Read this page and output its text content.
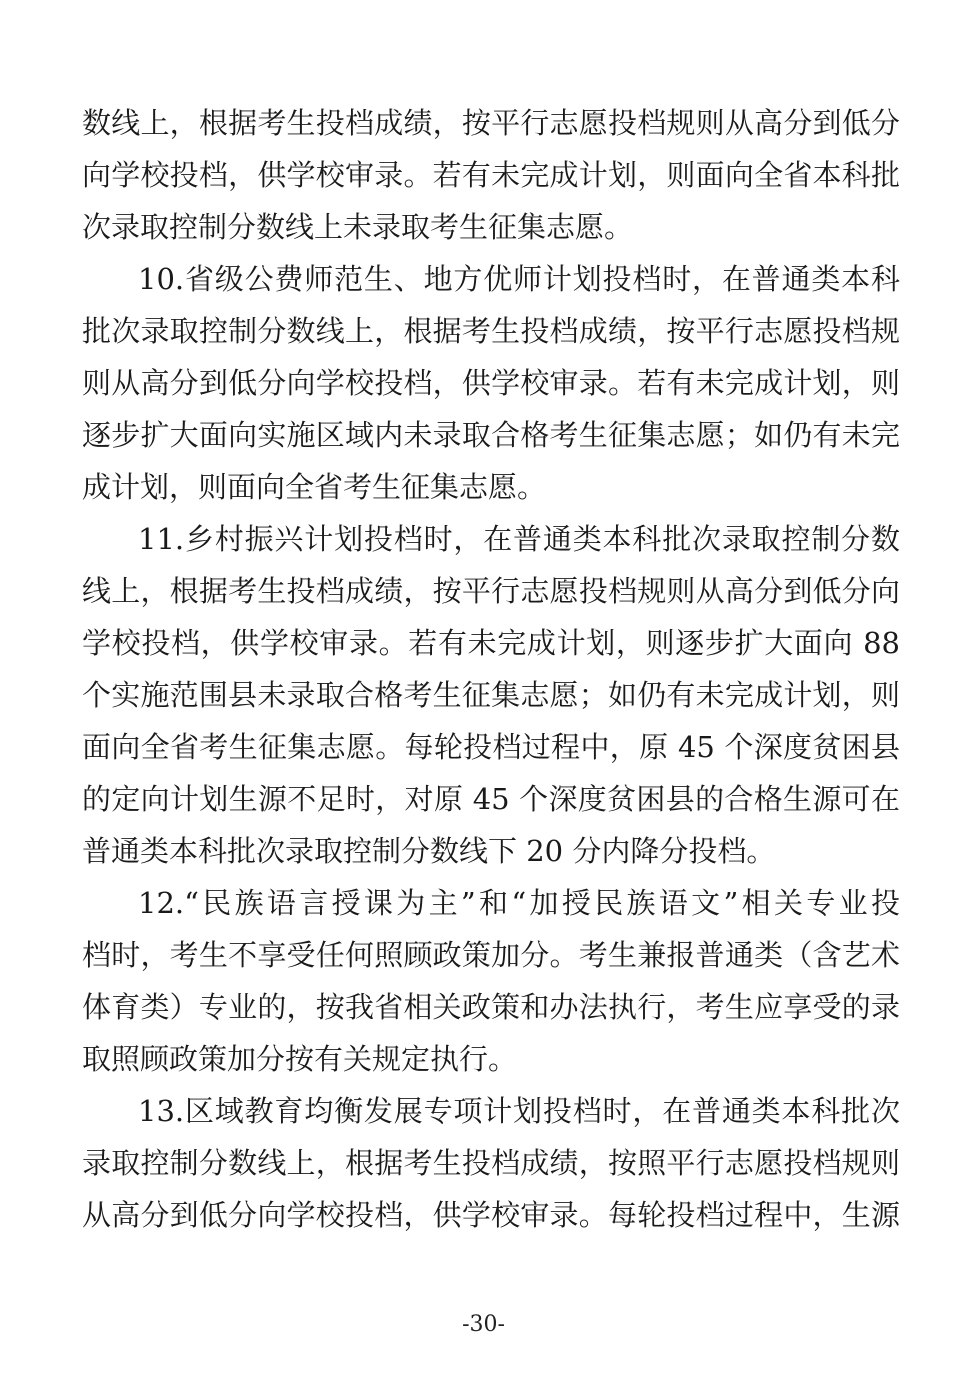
数线上，根据考生投档成绩，按平行志愿投档规则从高分到低分
向学校投档，供学校审录。若有未完成计划，则面向全省本科批
次录取控制分数线上未录取考生征集志愿。
10.省级公费师范生、地方优师计划投档时，在普通类本科
批次录取控制分数线上，根据考生投档成绩，按平行志愿投档规
则从高分到低分向学校投档，供学校审录。若有未完成计划，则
逐步扩大面向实施区域内未录取合格考生征集志愿；如仍有未完
成计划，则面向全省考生征集志愿。
11.乡村振兴计划投档时，在普通类本科批次录取控制分数
线上，根据考生投档成绩，按平行志愿投档规则从高分到低分向
学校投档，供学校审录。若有未完成计划，则逐步扩大面向 88
个实施范围县未录取合格考生征集志愿；如仍有未完成计划，则
面向全省考生征集志愿。每轮投档过程中，原 45 个深度贫困县
的定向计划生源不足时，对原 45 个深度贫困县的合格生源可在
普通类本科批次录取控制分数线下 20 分内降分投档。
12.“民族语言授课为主”和“加授民族语文”相关专业投
档时，考生不享受任何照顾政策加分。考生兼报普通类（含艺术
体育类）专业的，按我省相关政策和办法执行，考生应享受的录
取照顾政策加分按有关规定执行。
13.区域教育均衡发展专项计划投档时，在普通类本科批次
录取控制分数线上，根据考生投档成绩，按照平行志愿投档规则
从高分到低分向学校投档，供学校审录。每轮投档过程中，生源
-30-
